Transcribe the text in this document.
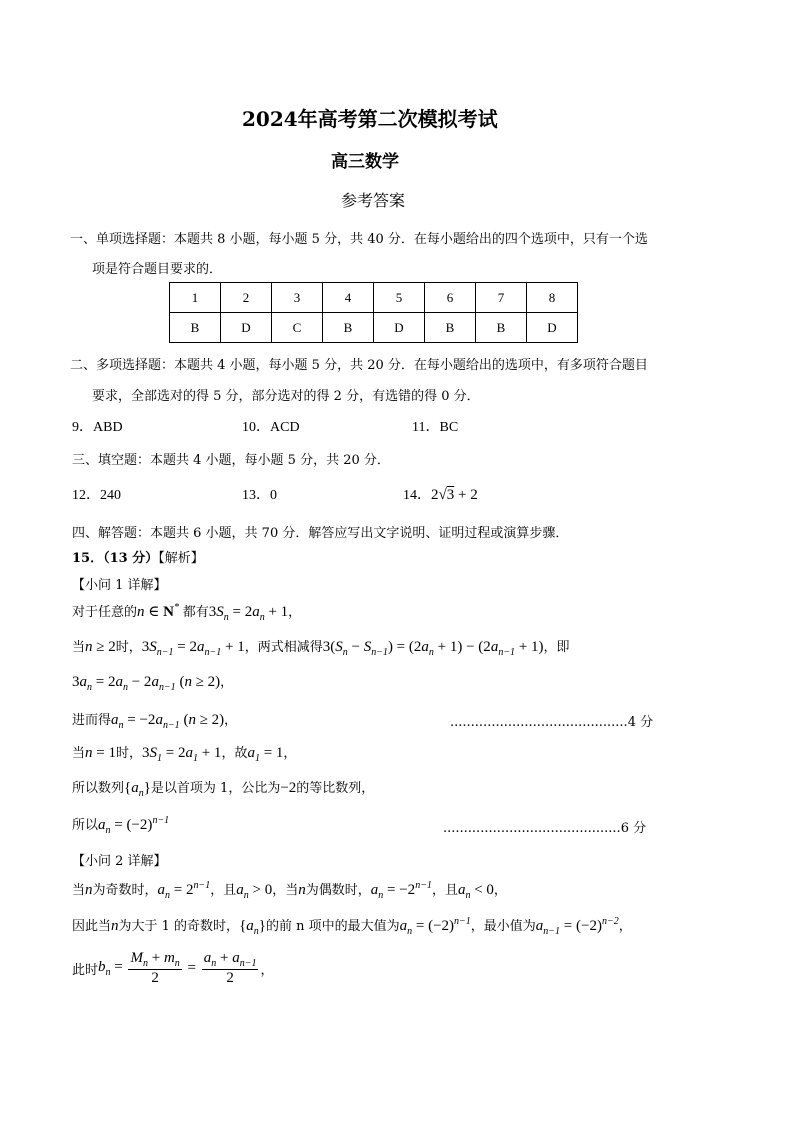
2024年高考第二次模拟考试
高三数学
参考答案
一、单项选择题：本题共 8 小题，每小题 5 分，共 40 分．在每小题给出的四个选项中，只有一个选
项是符合题目要求的．
1	2	3	4	5	6	7	8
B	D	C	B	D	B	B	D
二、多项选择题：本题共 4 小题，每小题 5 分，共 20 分．在每小题给出的选项中，有多项符合题目
要求，全部选对的得 5 分，部分选对的得 2 分，有选错的得 0 分．
9．ABD	10．ACD	11．BC
三、填空题：本题共 4 小题，每小题 5 分，共 20 分．
12．240	13．0	14．2√3 + 2
四、解答题：本题共 6 小题，共 70 分．解答应写出文字说明、证明过程或演算步骤．
15．（13 分）【解析】
【小问 1 详解】
对于任意的n ∈ N* 都有$3S_n = 2a_n + 1$，
当n ≥ 2时，$3S_{n-1} = 2a_{n-1} + 1$，两式相减得$3(S_n - S_{n-1}) = (2a_n + 1) - (2a_{n-1} + 1)$，即
$3a_n = 2a_n - 2a_{n-1}$ (n ≥ 2)，
进而得$a_n = -2a_{n-1}$ (n ≥ 2)，	...........................................4 分
当n = 1时，$3S_1 = 2a_1 + 1$，故$a_1 = 1$，
所以数列$\{a_n\}$是以首项为 1，公比为−2的等比数列，
所以$a_n = (-2)^{n-1}$
...........................................6 分
【小问 2 详解】
当n为奇数时，$a_n = 2^{n-1}$，且$a_n > 0$，当n为偶数时，$a_n = -2^{n-1}$，且$a_n < 0$，
因此当n为大于 1 的奇数时，$\{a_n\}$的前 n 项中的最大值为$a_n = (-2)^{n-1}$，最小值为$a_{n-1} = (-2)^{n-2}$，
此时$b_n = \frac{M_n + m_n}{2} = \frac{a_n + a_{n-1}}{2}$ ，
